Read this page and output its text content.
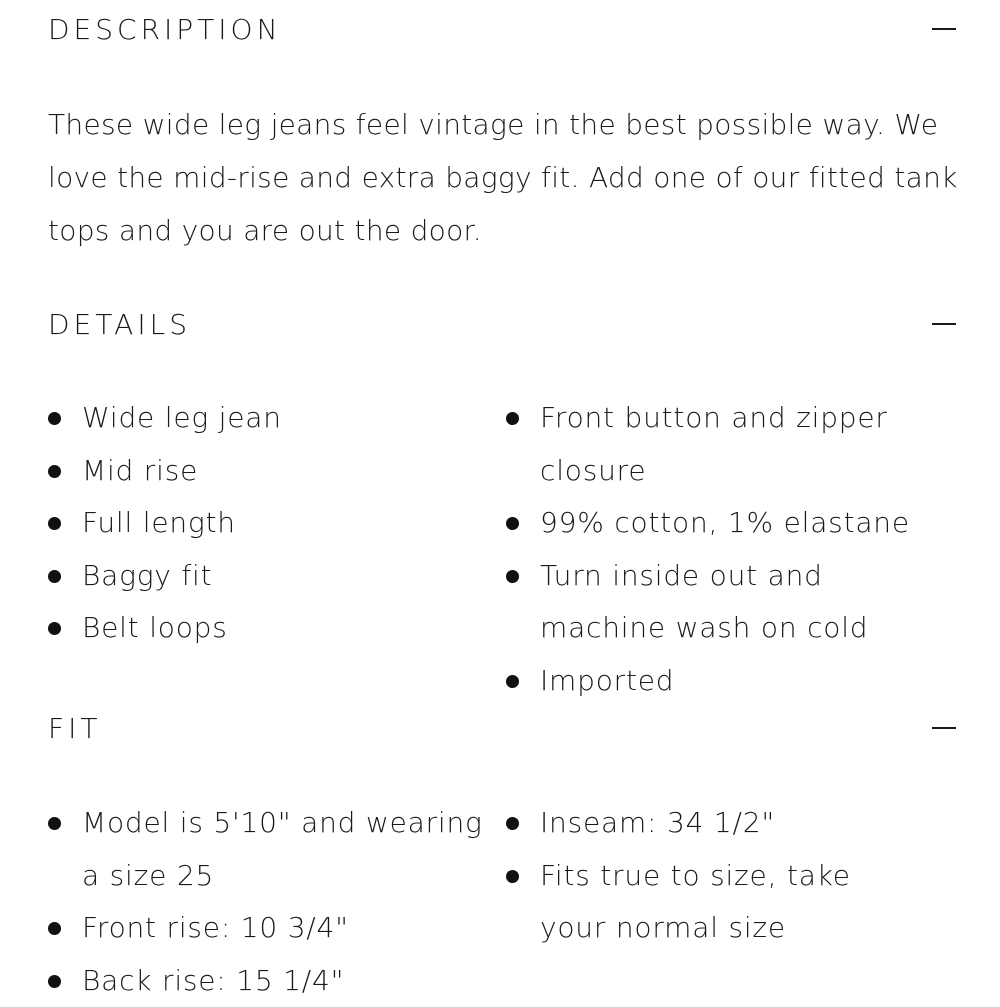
DESCRIPTION

These wide leg jeans feel vintage in the best possible way. We love the mid-rise and extra baggy fit. Add one of our fitted tank tops and you are out the door.

DETAILS
Wide leg jean
Mid rise
Full length
Baggy fit
Belt loops
Front button and zipper closure
99% cotton, 1% elastane
Turn inside out and machine wash on cold
Imported
FIT
Model is 5'10" and wearing a size 25
Front rise: 10 3/4"
Back rise: 15 1/4"
Inseam: 34 1/2"
Fits true to size, take your normal size
